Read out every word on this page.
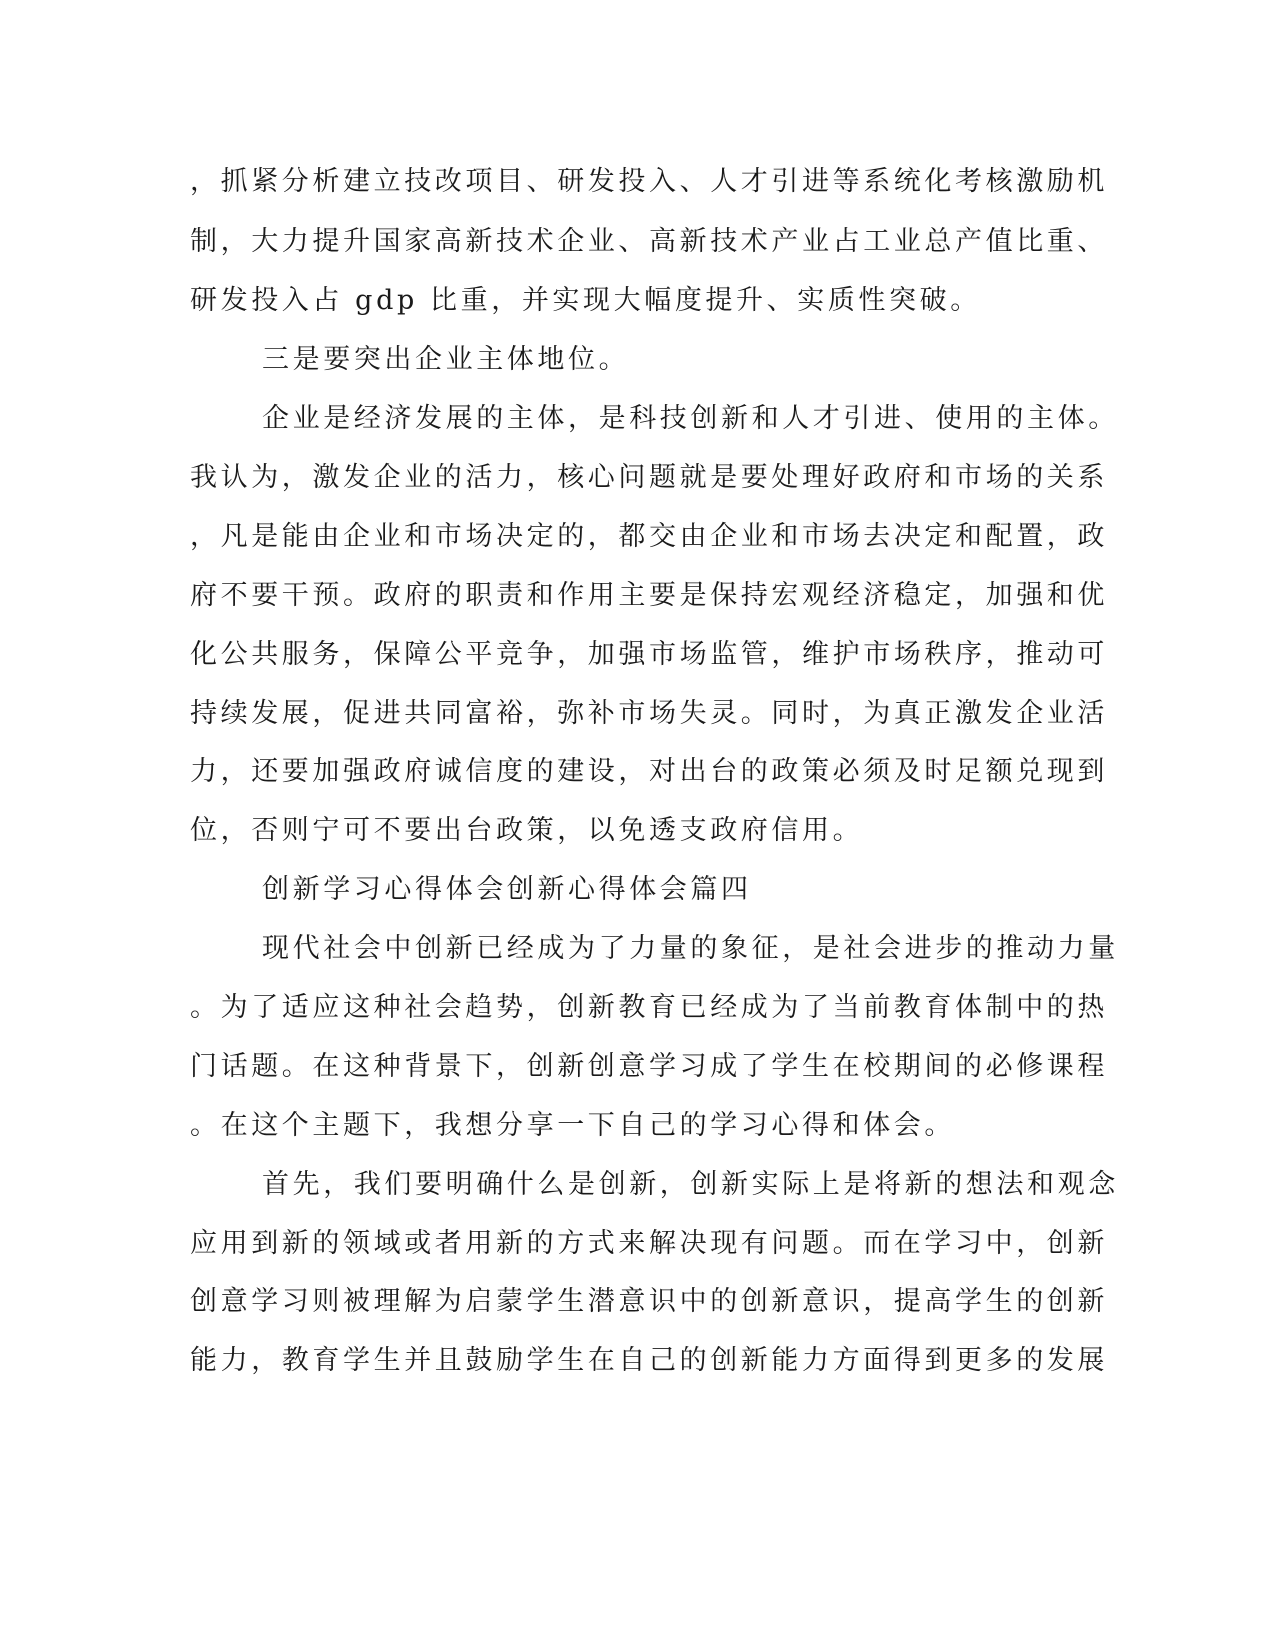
，抓紧分析建立技改项目、研发投入、人才引进等系统化考核激励机
制，大力提升国家高新技术企业、高新技术产业占工业总产值比重、
研发投入占 gdp 比重，并实现大幅度提升、实质性突破。
三是要突出企业主体地位。
企业是经济发展的主体，是科技创新和人才引进、使用的主体。
我认为，激发企业的活力，核心问题就是要处理好政府和市场的关系
，凡是能由企业和市场决定的，都交由企业和市场去决定和配置，政
府不要干预。政府的职责和作用主要是保持宏观经济稳定，加强和优
化公共服务，保障公平竞争，加强市场监管，维护市场秩序，推动可
持续发展，促进共同富裕，弥补市场失灵。同时，为真正激发企业活
力，还要加强政府诚信度的建设，对出台的政策必须及时足额兑现到
位，否则宁可不要出台政策，以免透支政府信用。
创新学习心得体会创新心得体会篇四
现代社会中创新已经成为了力量的象征，是社会进步的推动力量
。为了适应这种社会趋势，创新教育已经成为了当前教育体制中的热
门话题。在这种背景下，创新创意学习成了学生在校期间的必修课程
。在这个主题下，我想分享一下自己的学习心得和体会。
首先，我们要明确什么是创新，创新实际上是将新的想法和观念
应用到新的领域或者用新的方式来解决现有问题。而在学习中，创新
创意学习则被理解为启蒙学生潜意识中的创新意识，提高学生的创新
能力，教育学生并且鼓励学生在自己的创新能力方面得到更多的发展
